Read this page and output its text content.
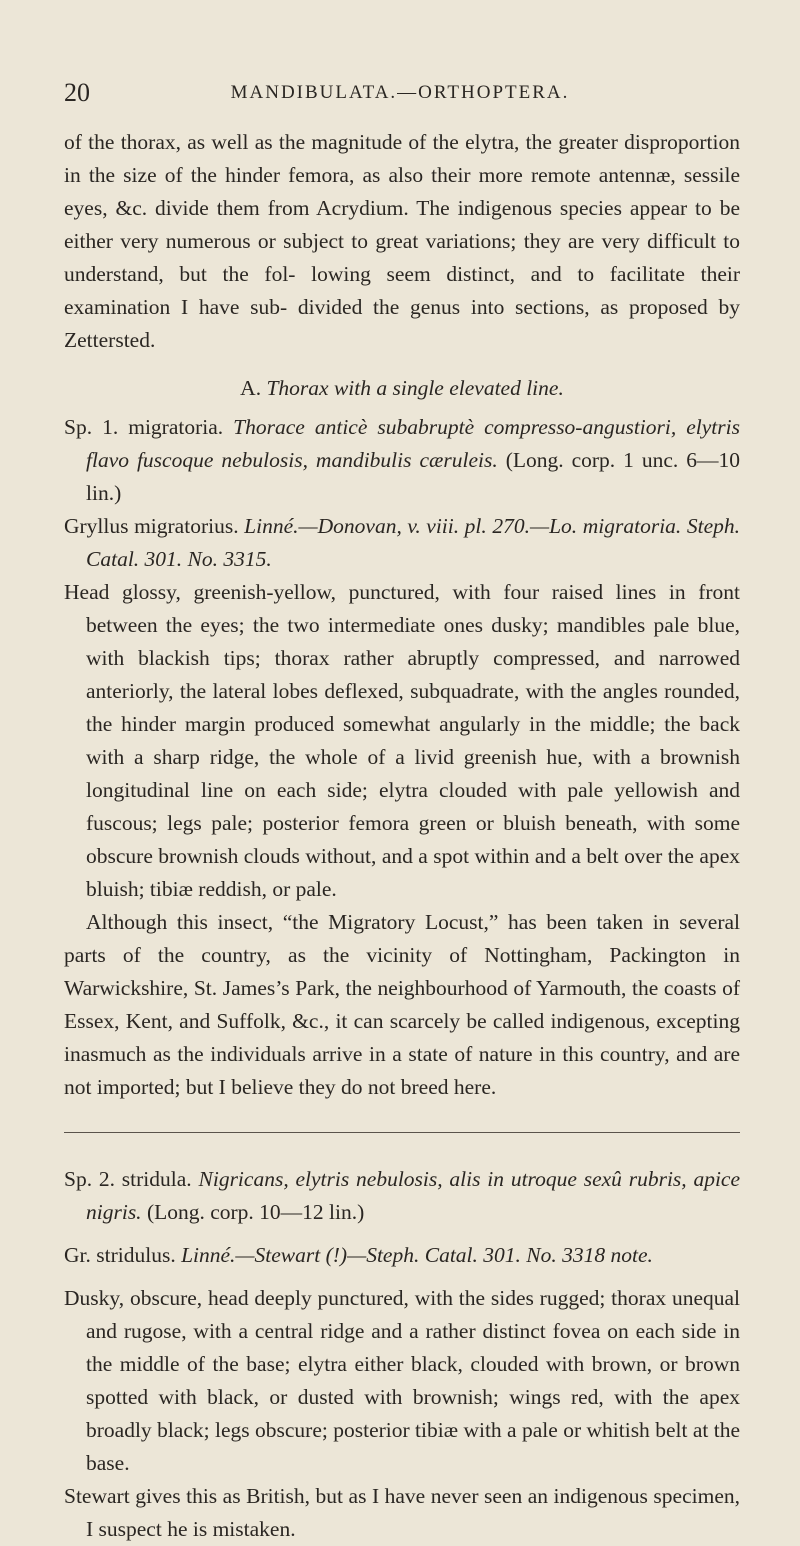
20	MANDIBULATA.—ORTHOPTERA.

of the thorax, as well as the magnitude of the elytra, the greater disproportion in the size of the hinder femora, as also their more remote antennæ, sessile eyes, &c. divide them from Acrydium. The indigenous species appear to be either very numerous or subject to great variations; they are very difficult to understand, but the fol- lowing seem distinct, and to facilitate their examination I have sub- divided the genus into sections, as proposed by Zettersted.

A. Thorax with a single elevated line.

Sp. 1. migratoria. Thorace anticè subabruptè compresso-angustiori, elytris flavo fuscoque nebulosis, mandibulis cæruleis. (Long. corp. 1 unc. 6—10 lin.)

Gryllus migratorius. Linné.—Donovan, v. viii. pl. 270.—Lo. migratoria. Steph. Catal. 301. No. 3315.

Head glossy, greenish-yellow, punctured, with four raised lines in front between the eyes; the two intermediate ones dusky; mandibles pale blue, with blackish tips; thorax rather abruptly compressed, and narrowed anteriorly, the lateral lobes deflexed, subquadrate, with the angles rounded, the hinder margin produced somewhat angularly in the middle; the back with a sharp ridge, the whole of a livid greenish hue, with a brownish longitudinal line on each side; elytra clouded with pale yellowish and fuscous; legs pale; posterior femora green or bluish beneath, with some obscure brownish clouds without, and a spot within and a belt over the apex bluish; tibiæ reddish, or pale.

Although this insect, “the Migratory Locust,” has been taken in several parts of the country, as the vicinity of Nottingham, Packington in Warwickshire, St. James’s Park, the neighbourhood of Yarmouth, the coasts of Essex, Kent, and Suffolk, &c., it can scarcely be called indigenous, excepting inasmuch as the individuals arrive in a state of nature in this country, and are not imported; but I believe they do not breed here.

Sp. 2. stridula. Nigricans, elytris nebulosis, alis in utroque sexû rubris, apice nigris. (Long. corp. 10—12 lin.)

Gr. stridulus. Linné.—Stewart (!)—Steph. Catal. 301. No. 3318 note.

Dusky, obscure, head deeply punctured, with the sides rugged; thorax unequal and rugose, with a central ridge and a rather distinct fovea on each side in the middle of the base; elytra either black, clouded with brown, or brown spotted with black, or dusted with brownish; wings red, with the apex broadly black; legs obscure; posterior tibiæ with a pale or whitish belt at the base.

Stewart gives this as British, but as I have never seen an indigenous specimen, I suspect he is mistaken.
